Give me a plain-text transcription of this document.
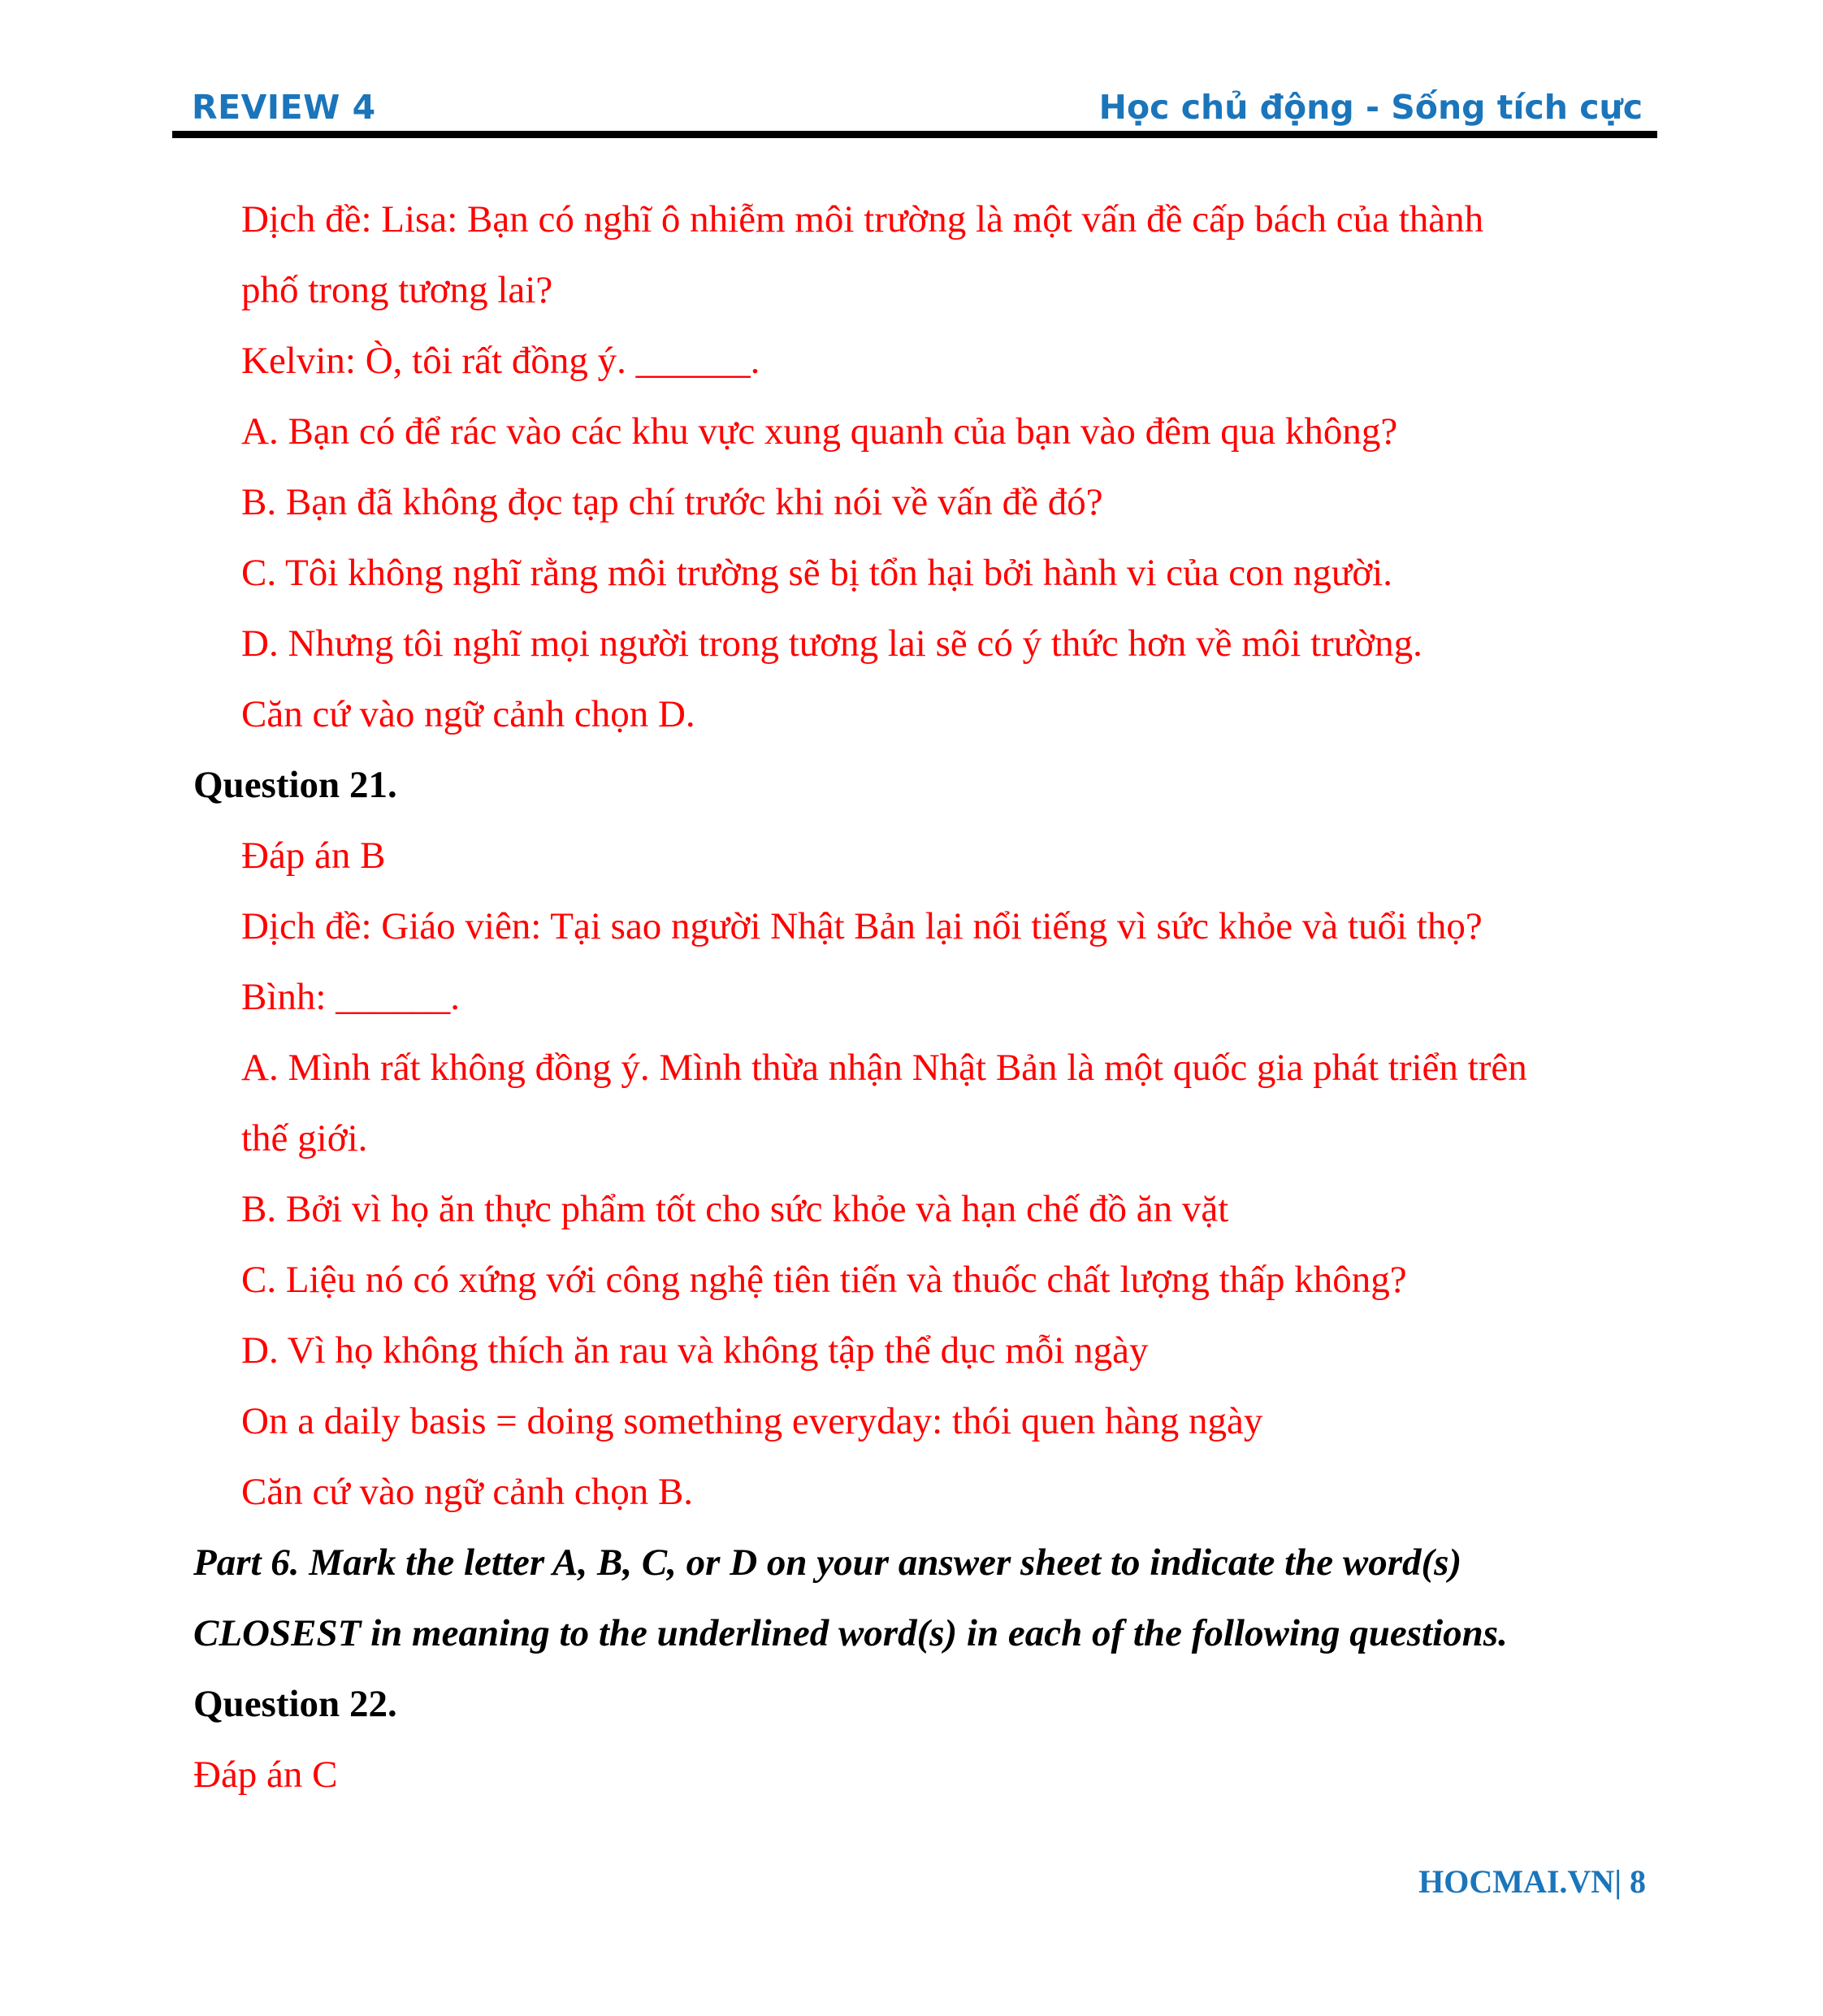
REVIEW 4	Học chủ động - Sống tích cực
Dịch đề: Lisa: Bạn có nghĩ ô nhiễm môi trường là một vấn đề cấp bách của thành
phố trong tương lai?
Kelvin: Ò, tôi rất đồng ý. ______.
A. Bạn có để rác vào các khu vực xung quanh của bạn vào đêm qua không?
B. Bạn đã không đọc tạp chí trước khi nói về vấn đề đó?
C. Tôi không nghĩ rằng môi trường sẽ bị tổn hại bởi hành vi của con người.
D. Nhưng tôi nghĩ mọi người trong tương lai sẽ có ý thức hơn về môi trường.
Căn cứ vào ngữ cảnh chọn D.
Question 21.
Đáp án B
Dịch đề: Giáo viên: Tại sao người Nhật Bản lại nổi tiếng vì sức khỏe và tuổi thọ?
Bình: ______.
A. Mình rất không đồng ý. Mình thừa nhận Nhật Bản là một quốc gia phát triển trên
thế giới.
B. Bởi vì họ ăn thực phẩm tốt cho sức khỏe và hạn chế đồ ăn vặt
C. Liệu nó có xứng với công nghệ tiên tiến và thuốc chất lượng thấp không?
D. Vì họ không thích ăn rau và không tập thể dục mỗi ngày
On a daily basis = doing something everyday: thói quen hàng ngày
Căn cứ vào ngữ cảnh chọn B.
Part 6. Mark the letter A, B, C, or D on your answer sheet to indicate the word(s)
CLOSEST in meaning to the underlined word(s) in each of the following questions.
Question 22.
Đáp án C
HOCMAI.VN| 8
